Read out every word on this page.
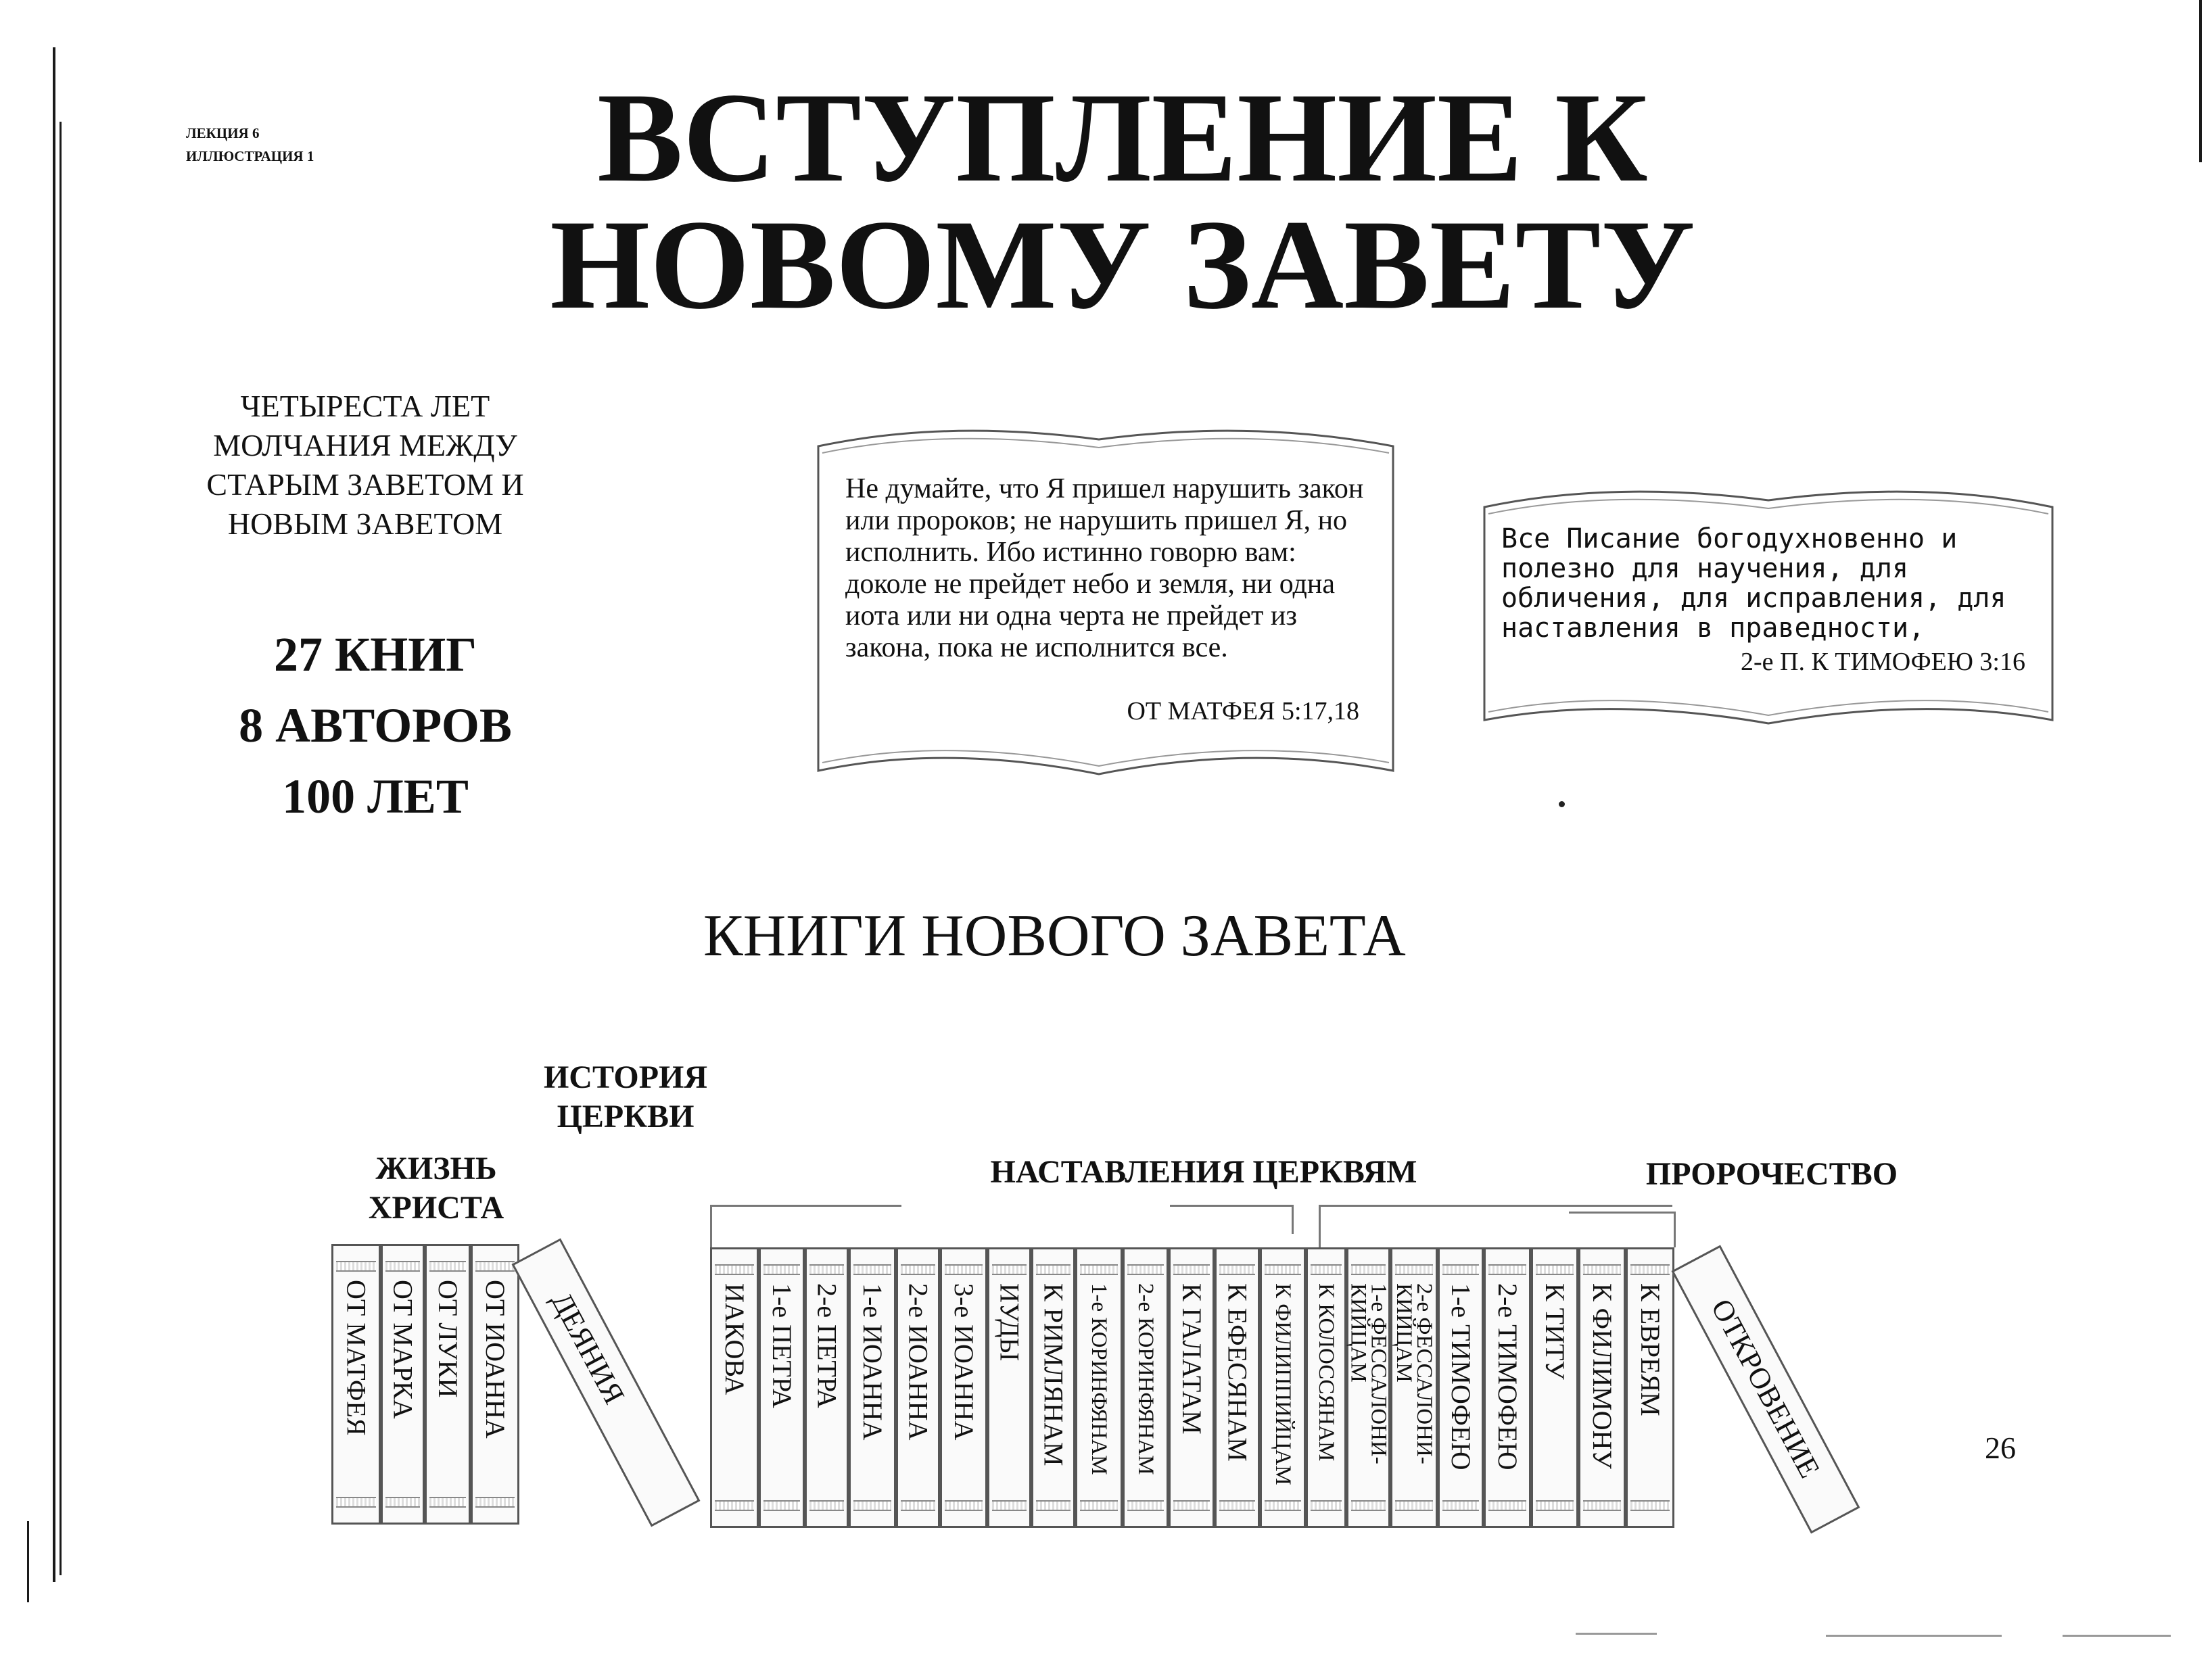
ЛЕКЦИЯ 6
ИЛЛЮСТРАЦИЯ 1	ВСТУПЛЕНИЕ К НОВОМУ ЗАВЕТУ
ЧЕТЫРЕСТА ЛЕТ МОЛЧАНИЯ МЕЖДУ СТАРЫМ ЗАВЕТОМ И НОВЫМ ЗАВЕТОМ
27 КНИГ
8 АВТОРОВ
100 ЛЕТ
Не думайте, что Я пришел нарушить закон или пророков; не нарушить пришел Я, но исполнить. Ибо истинно говорю вам: доколе не прейдет небо и земля, ни одна иота или ни одна черта не прейдет из закона, пока не исполнится все.
ОТ МАТФЕЯ 5:17,18
Все Писание богодухновенно и полезно для научения, для обличения, для исправления, для наставления в праведности,
2-е П. К ТИМОФЕЮ 3:16
КНИГИ НОВОГО ЗАВЕТА
ЖИЗНЬ ХРИСТА
ИСТОРИЯ ЦЕРКВИ
НАСТАВЛЕНИЯ ЦЕРКВЯМ	ПРОРОЧЕСТВО
ОТ МАТФЕЯ ОТ МАРКА ОТ ЛУКИ ОТ ИОАННА ДЕЯНИЯ	ИАКОВА 1-е ПЕТРА 2-е ПЕТРА 1-е ИОАННА 2-е ИОАННА 3-е ИОАННА ИУДЫ К РИМЛЯНАМ 1-е КОРИНФЯНАМ 2-е КОРИНФЯНАМ К ГАЛАТАМ К ЕФЕСЯНАМ К ФИЛИППИЙЦАМ К КОЛОССЯНАМ	1-е ФЕССАЛОНИ-
КИЙЦАМ	2-е ФЕССАЛОНИ-
КИЙЦАМ	1-е ТИМОФЕЮ 2-е ТИМОФЕЮ К ТИТУ К ФИЛИМОНУ К ЕВРЕЯМ ОТКРОВЕНИЕ	26
